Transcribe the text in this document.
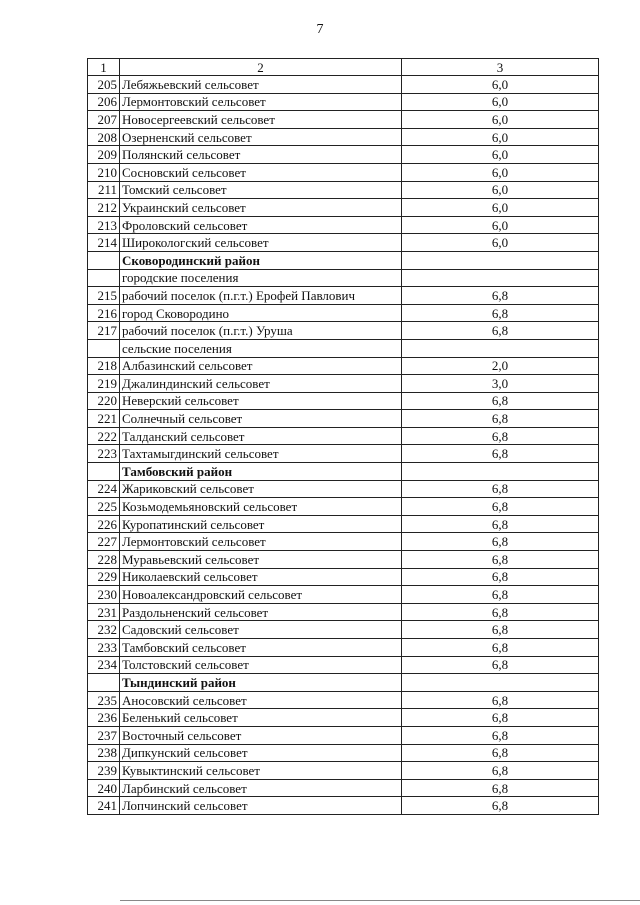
7
1	2	3
205	Лебяжьевский сельсовет	6,0
206	Лермонтовский сельсовет	6,0
207	Новосергеевский сельсовет	6,0
208	Озерненский сельсовет	6,0
209	Полянский сельсовет	6,0
210	Сосновский сельсовет	6,0
211	Томский сельсовет	6,0
212	Украинский сельсовет	6,0
213	Фроловский сельсовет	6,0
214	Широкологский сельсовет	6,0
	Сковородинский район	
	городские поселения	
215	рабочий поселок (п.г.т.) Ерофей Павлович	6,8
216	город Сковородино	6,8
217	рабочий поселок (п.г.т.) Уруша	6,8
	сельские поселения	
218	Албазинский сельсовет	2,0
219	Джалиндинский сельсовет	3,0
220	Неверский сельсовет	6,8
221	Солнечный сельсовет	6,8
222	Талданский сельсовет	6,8
223	Тахтамыгдинский сельсовет	6,8
	Тамбовский район	
224	Жариковский сельсовет	6,8
225	Козьмодемьяновский сельсовет	6,8
226	Куропатинский сельсовет	6,8
227	Лермонтовский сельсовет	6,8
228	Муравьевский сельсовет	6,8
229	Николаевский сельсовет	6,8
230	Новоалександровский сельсовет	6,8
231	Раздольненский сельсовет	6,8
232	Садовский сельсовет	6,8
233	Тамбовский сельсовет	6,8
234	Толстовский сельсовет	6,8
	Тындинский район	
235	Аносовский сельсовет	6,8
236	Беленький сельсовет	6,8
237	Восточный сельсовет	6,8
238	Дипкунский сельсовет	6,8
239	Кувыктинский сельсовет	6,8
240	Ларбинский сельсовет	6,8
241	Лопчинский сельсовет	6,8
